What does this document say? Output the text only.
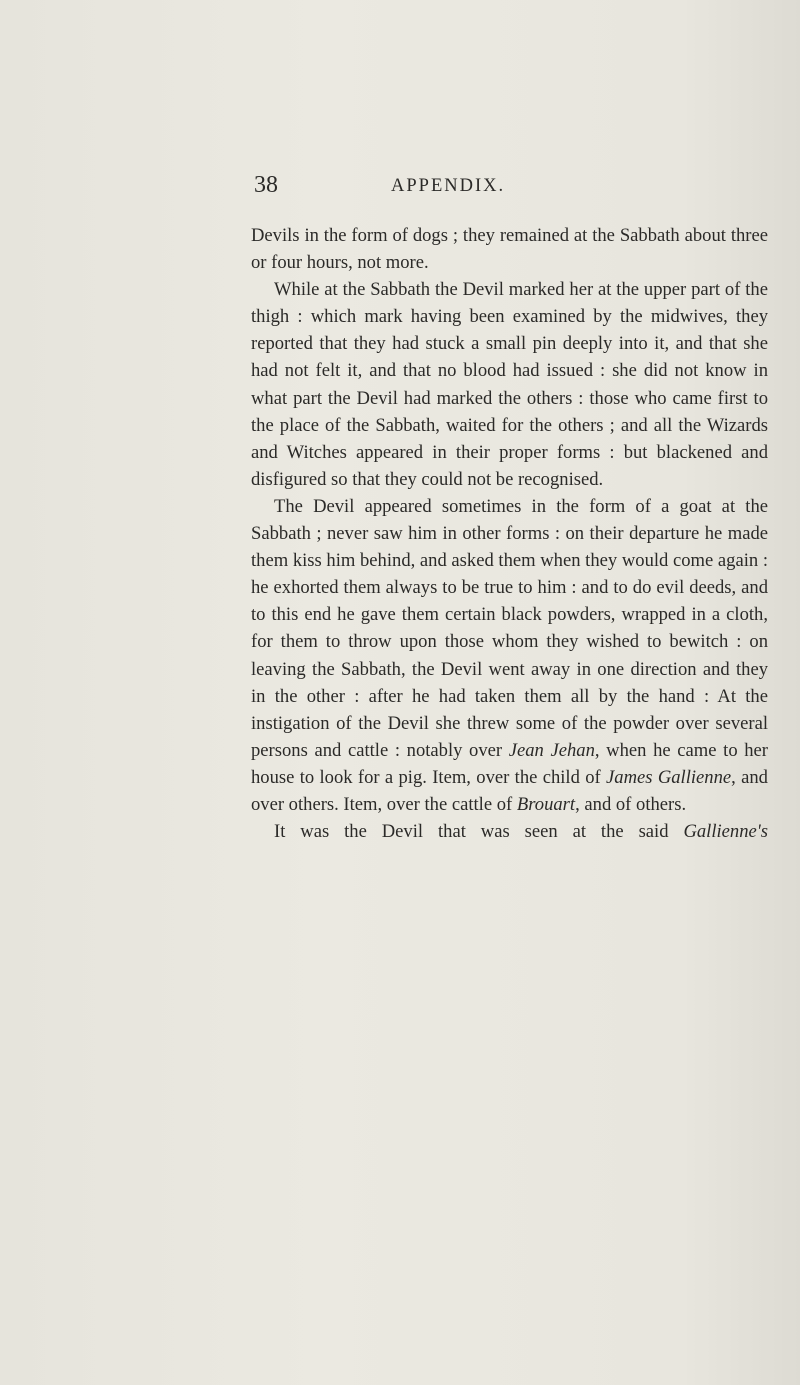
38	APPENDIX.

Devils in the form of dogs ; they remained at the Sabbath about three or four hours, not more.

While at the Sabbath the Devil marked her at the upper part of the thigh : which mark having been examined by the midwives, they reported that they had stuck a small pin deeply into it, and that she had not felt it, and that no blood had issued : she did not know in what part the Devil had marked the others : those who came first to the place of the Sabbath, waited for the others ; and all the Wizards and Witches appeared in their proper forms : but blackened and disfigured so that they could not be recognised.

The Devil appeared sometimes in the form of a goat at the Sabbath ; never saw him in other forms : on their departure he made them kiss him behind, and asked them when they would come again : he exhorted them always to be true to him : and to do evil deeds, and to this end he gave them certain black powders, wrapped in a cloth, for them to throw upon those whom they wished to bewitch : on leaving the Sabbath, the Devil went away in one direction and they in the other : after he had taken them all by the hand : At the instigation of the Devil she threw some of the powder over several persons and cattle : notably over Jean Jehan, when he came to her house to look for a pig. Item, over the child of James Gallienne, and over others. Item, over the cattle of Brouart, and of others.

It was the Devil that was seen at the said Gallienne's
